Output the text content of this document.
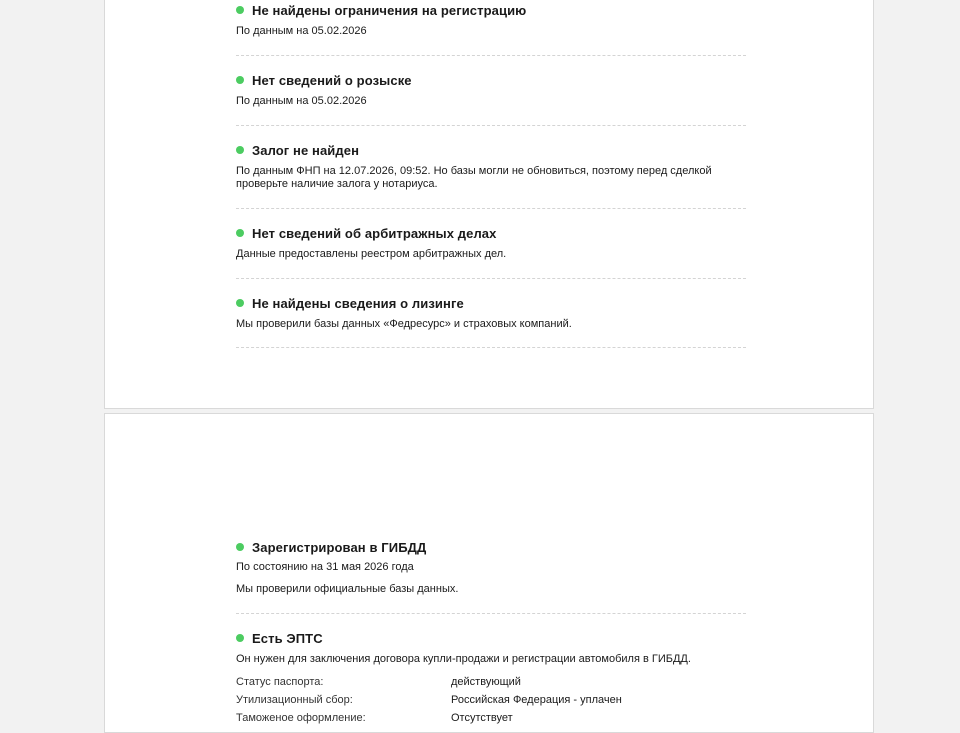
Не найдены ограничения на регистрацию
По данным на 05.02.2026
Нет сведений о розыске
По данным на 05.02.2026
Залог не найден
По данным ФНП на 12.07.2026, 09:52. Но базы могли не обновиться, поэтому перед сделкой
проверьте наличие залога у нотариуса.
Нет сведений об арбитражных делах
Данные предоставлены реестром арбитражных дел.
Не найдены сведения о лизинге
Мы проверили базы данных «Федресурс» и страховых компаний.
Зарегистрирован в ГИБДД
По состоянию на 31 мая 2026 года
Мы проверили официальные базы данных.
Есть ЭПТС
Он нужен для заключения договора купли-продажи и регистрации автомобиля в ГИБДД.
Статус паспорта:	действующий
Утилизационный сбор:	Российская Федерация - уплачен
Таможеное оформление:	Отсутствует
